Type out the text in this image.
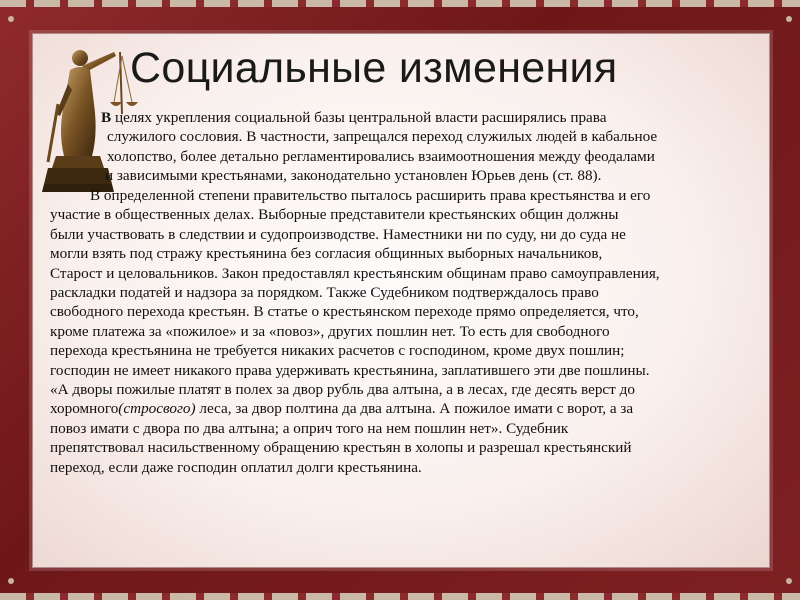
Социальные изменения
В целях укрепления социальной базы центральной власти расширялись права
служилого сословия. В частности, запрещался переход служилых людей в кабальное
холопство, более детально регламентировались взаимоотношения между феодалами
и зависимыми крестьянами, законодательно установлен Юрьев день (ст. 88).
В определенной степени правительство пыталось расширить права крестьянства и его
участие в общественных делах. Выборные представители крестьянских общин должны
были участвовать в следствии и судопроизводстве. Наместники ни по суду, ни до суда не
могли взять под стражу крестьянина без согласия общинных выборных начальников,
Старост и целовальников. Закон предоставлял крестьянским общинам право самоуправления,
раскладки податей и надзора за порядком. Также Судебником подтверждалось право
свободного перехода крестьян. В статье о крестьянском переходе прямо определяется, что,
кроме платежа за «пожилое» и за «повоз», других пошлин нет. То есть для свободного
перехода крестьянина не требуется никаких расчетов с господином, кроме двух пошлин;
господин не имеет никакого права удерживать крестьянина, заплатившего эти две пошлины.
«А дворы пожилые платят в полех за двор рубль два алтына, а в лесах, где десять верст до
хоромного(стросвого) леса, за двор полтина да два алтына. А пожилое имати с ворот, а за
повоз имати с двора по два алтына; а оприч того на нем пошлин нет». Судебник
препятствовал насильственному обращению крестьян в холопы и разрешал крестьянский
переход, если даже господин оплатил долги крестьянина.
